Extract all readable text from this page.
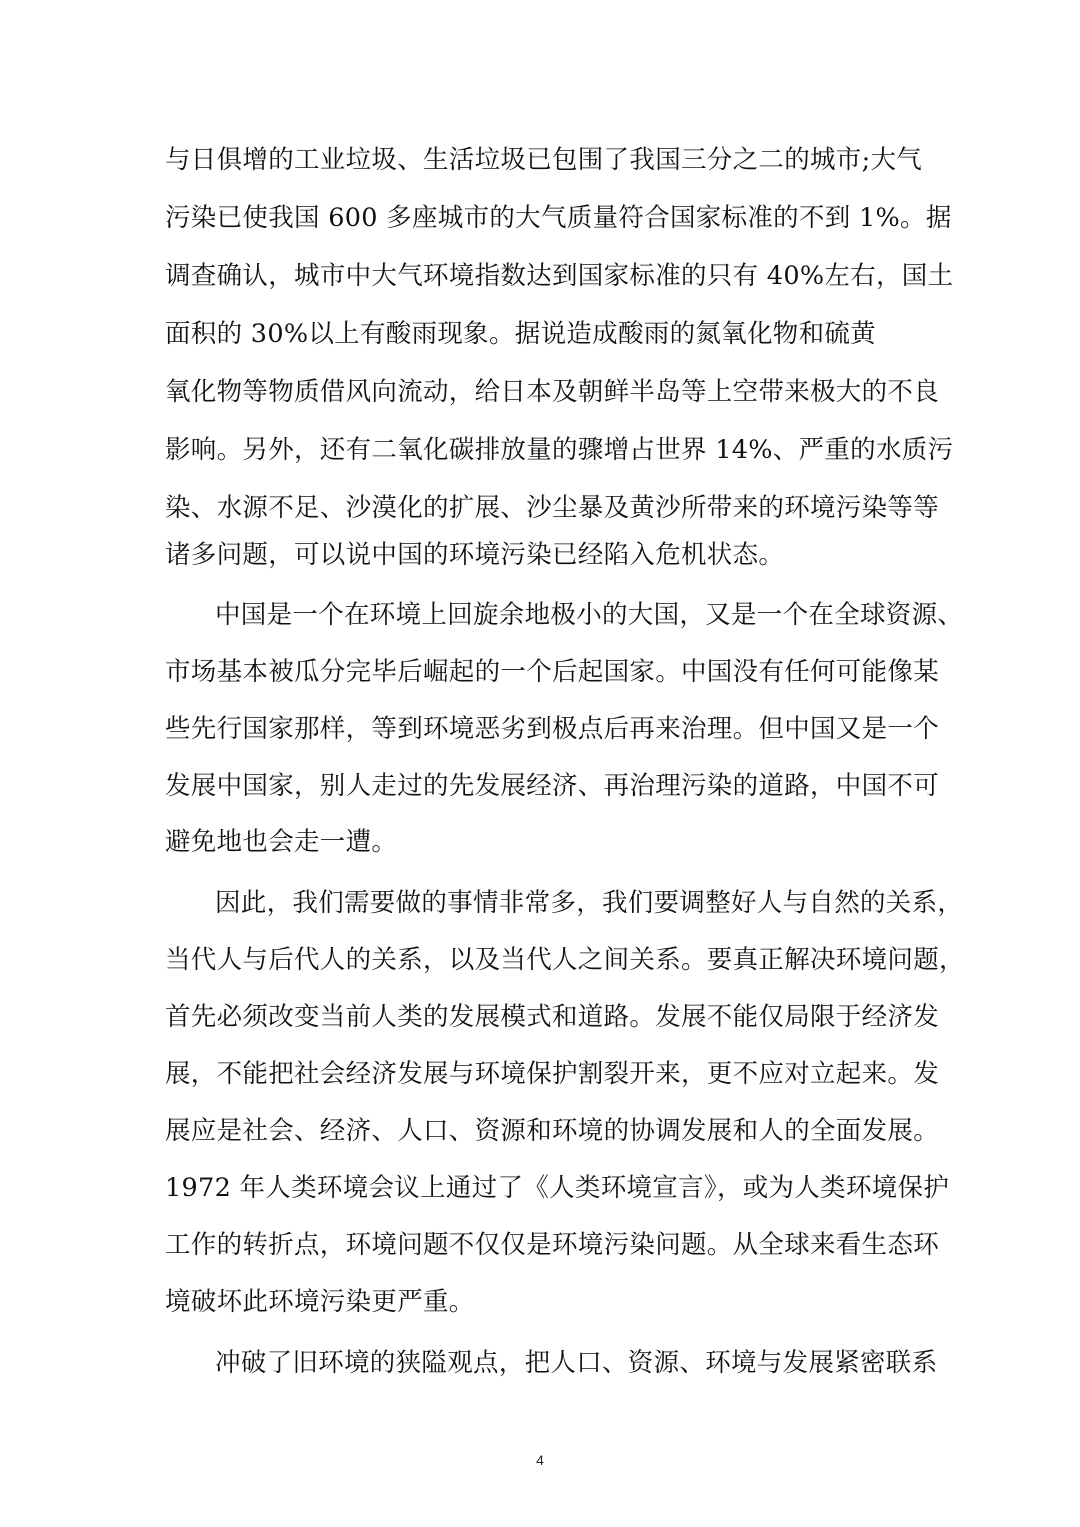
与日俱增的工业垃圾、生活垃圾已包围了我国三分之二的城市;大气
污染已使我国 600 多座城市的大气质量符合国家标准的不到 1%。据
调查确认，城市中大气环境指数达到国家标准的只有 40%左右，国土
面积的 30%以上有酸雨现象。据说造成酸雨的氮氧化物和硫黄
氧化物等物质借风向流动，给日本及朝鲜半岛等上空带来极大的不良
影响。另外，还有二氧化碳排放量的骤增占世界 14%、严重的水质污
染、水源不足、沙漠化的扩展、沙尘暴及黄沙所带来的环境污染等等
诸多问题，可以说中国的环境污染已经陷入危机状态。
中国是一个在环境上回旋余地极小的大国，又是一个在全球资源、
市场基本被瓜分完毕后崛起的一个后起国家。中国没有任何可能像某
些先行国家那样，等到环境恶劣到极点后再来治理。但中国又是一个
发展中国家，别人走过的先发展经济、再治理污染的道路，中国不可
避免地也会走一遭。
因此，我们需要做的事情非常多，我们要调整好人与自然的关系，
当代人与后代人的关系，以及当代人之间关系。要真正解决环境问题，
首先必须改变当前人类的发展模式和道路。发展不能仅局限于经济发
展，不能把社会经济发展与环境保护割裂开来，更不应对立起来。发
展应是社会、经济、人口、资源和环境的协调发展和人的全面发展。
1972 年人类环境会议上通过了《人类环境宣言》，或为人类环境保护
工作的转折点，环境问题不仅仅是环境污染问题。从全球来看生态环
境破坏此环境污染更严重。
冲破了旧环境的狭隘观点，把人口、资源、环境与发展紧密联系
4
